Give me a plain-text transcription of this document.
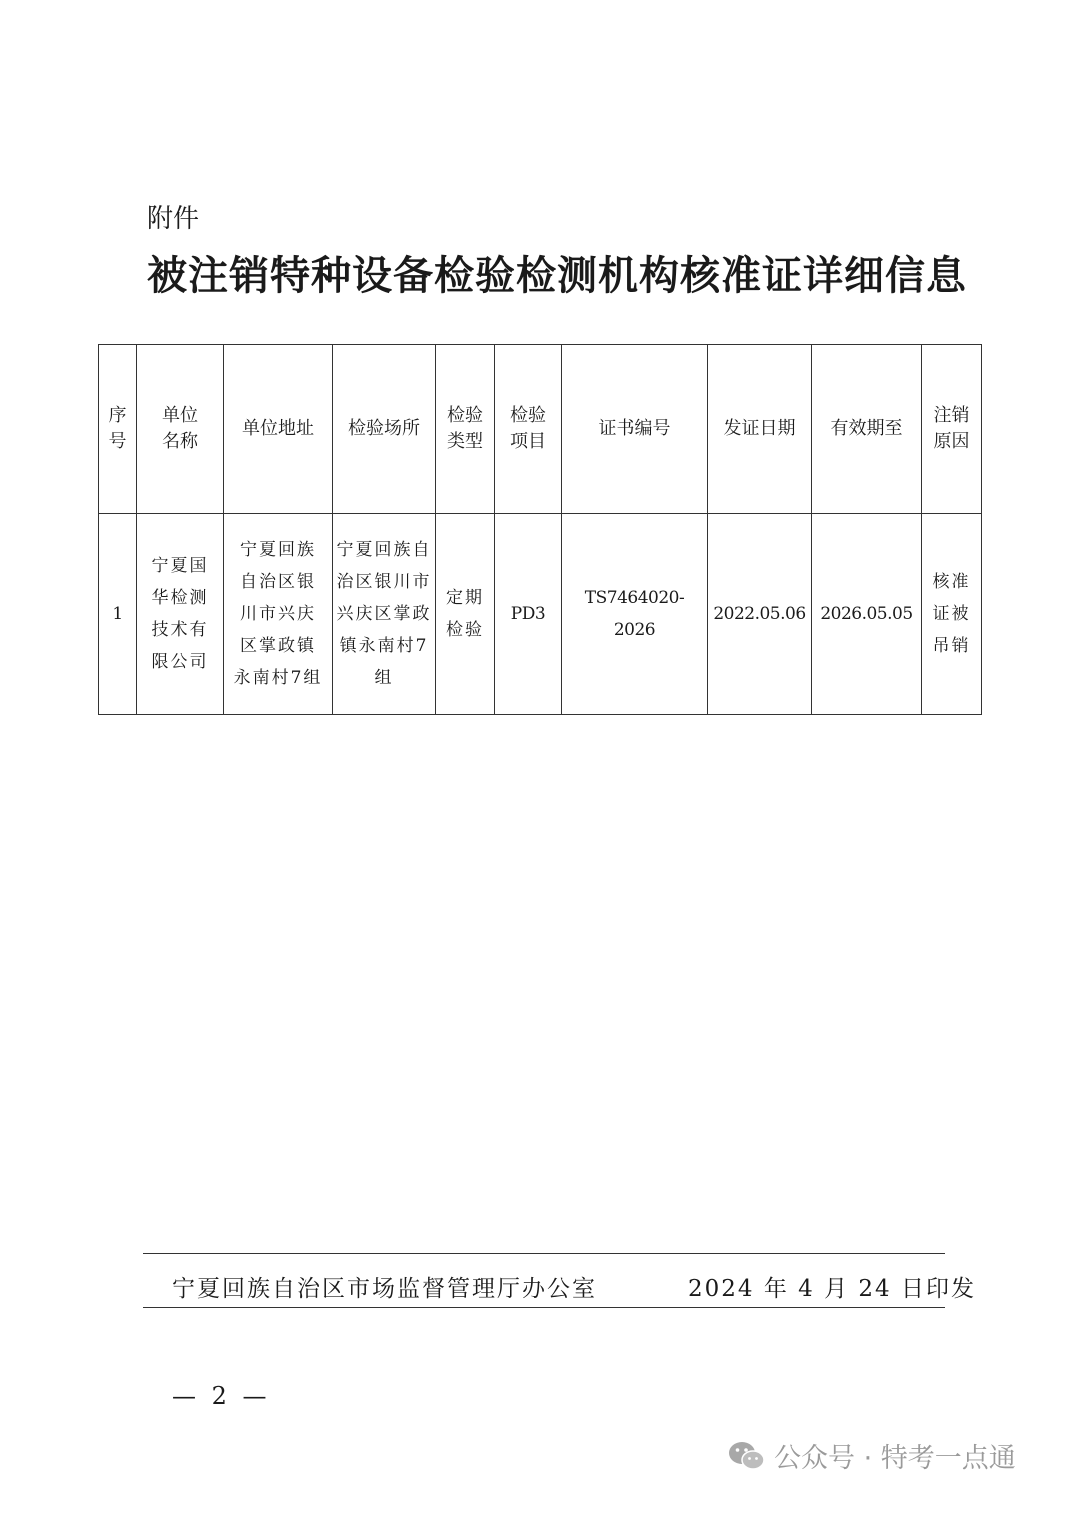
附件
被注销特种设备检验检测机构核准证详细信息
序号	单位名称	单位地址	检验场所	检验类型	检验项目	证书编号	发证日期	有效期至	注销原因
1	宁夏国华检测技术有限公司	宁夏回族自治区银川市兴庆区掌政镇永南村7组	宁夏回族自治区银川市兴庆区掌政镇永南村7组	定期检验	PD3	TS7464020-2026	2022.05.06	2026.05.05	核准证被吊销
宁夏回族自治区市场监督管理厅办公室	2024 年 4 月 24 日印发
— 2 —
公众号 · 特考一点通
